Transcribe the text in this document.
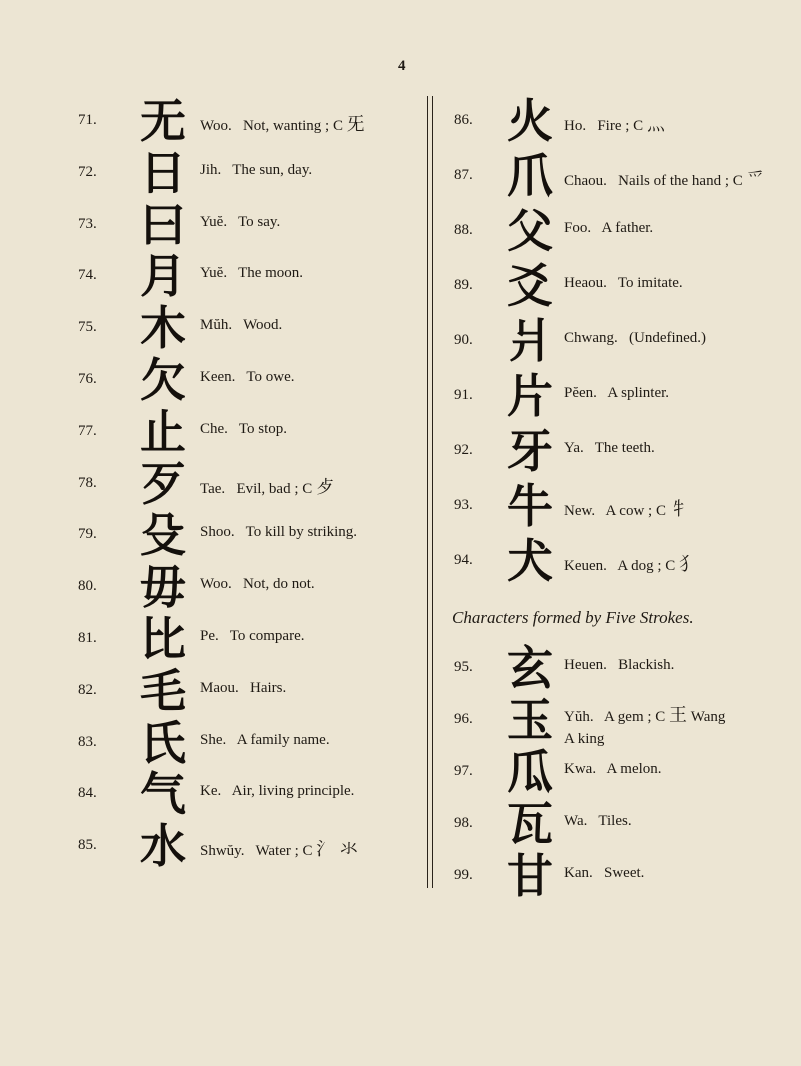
4
71. 无 Woo. Not, wanting ; C 旡
72. 日 Jih. The sun, day.
73. 曰 Yuĕ. To say.
74. 月 Yuĕ. The moon.
75. 木 Mŭh. Wood.
76. 欠 Keen. To owe.
77. 止 Che. To stop.
78. 歹 Tae. Evil, bad ; C 歺
79. 殳 Shoo. To kill by striking.
80. 毋 Woo. Not, do not.
81. 比 Pe. To compare.
82. 毛 Maou. Hairs.
83. 氏 She. A family name.
84. 气 Ke. Air, living principle.
85. 水 Shwŭy. Water ; C 氵 氺
86. 火 Ho. Fire ; C 灬
87. 爪 Chaou. Nails of the hand ; C 爫
88. 父 Foo. A father.
89. 爻 Heaou. To imitate.
90. 爿 Chwang. (Undefined.)
91. 片 Pĕen. A splinter.
92. 牙 Ya. The teeth.
93. 牛 New. A cow ; C 牜
94. 犬 Keuen. A dog ; C 犭
95. 玄 Heuen. Blackish.
96. 玉 Yŭh. A gem ; C 王 Wang
A king
97. 瓜 Kwa. A melon.
98. 瓦 Wa. Tiles.
99. 甘 Kan. Sweet.
Characters formed by Five Strokes.
